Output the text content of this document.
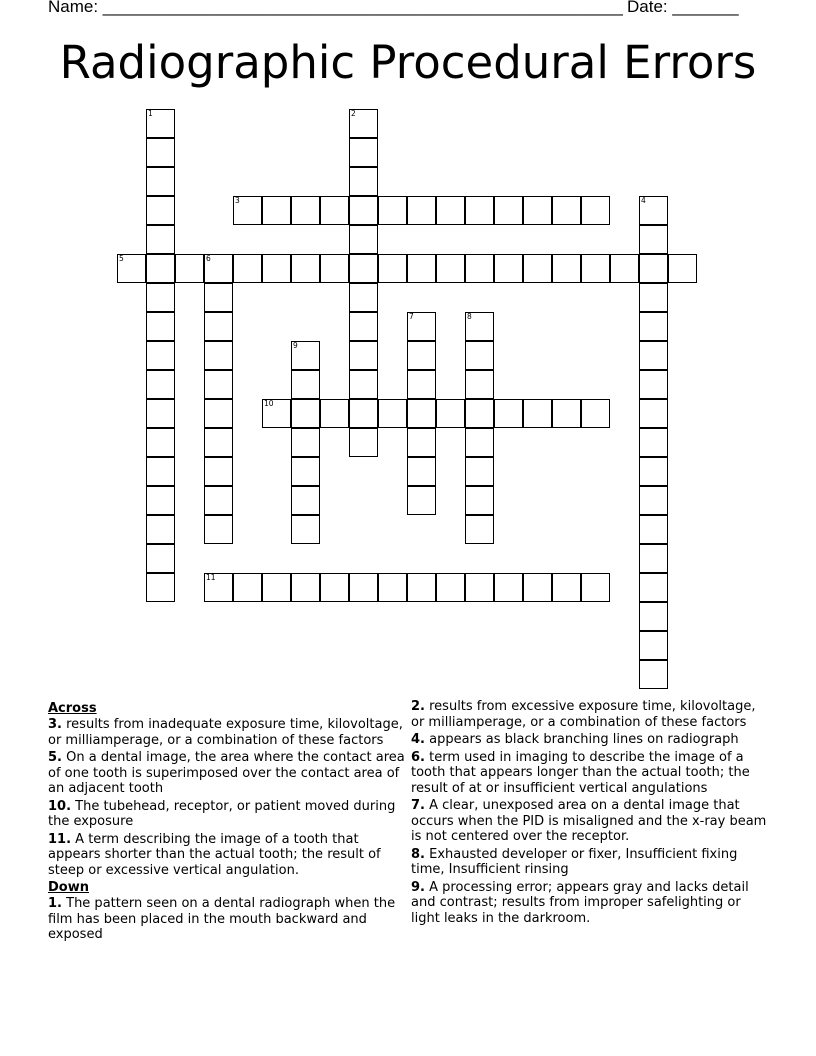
Name: _______________________________________________________ Date: _______
Radiographic Procedural Errors
1	2
3	4
5	6
7	8
9
10
11
Across
3. results from inadequate exposure time, kilovoltage, or milliamperage, or a combination of these factors
5. On a dental image, the area where the contact area of one tooth is superimposed over the contact area of an adjacent tooth
10. The tubehead, receptor, or patient moved during the exposure
11. A term describing the image of a tooth that appears shorter than the actual tooth; the result of steep or excessive vertical angulation.
Down
1. The pattern seen on a dental radiograph when the film has been placed in the mouth backward and exposed
2. results from excessive exposure time, kilovoltage, or milliamperage, or a combination of these factors
4. appears as black branching lines on radiograph
6. term used in imaging to describe the image of a tooth that appears longer than the actual tooth; the result of at or insufficient vertical angulations
7. A clear, unexposed area on a dental image that occurs when the PID is misaligned and the x-ray beam is not centered over the receptor.
8. Exhausted developer or fixer, Insufficient fixing time, Insufficient rinsing
9. A processing error; appears gray and lacks detail and contrast; results from improper safelighting or light leaks in the darkroom.
